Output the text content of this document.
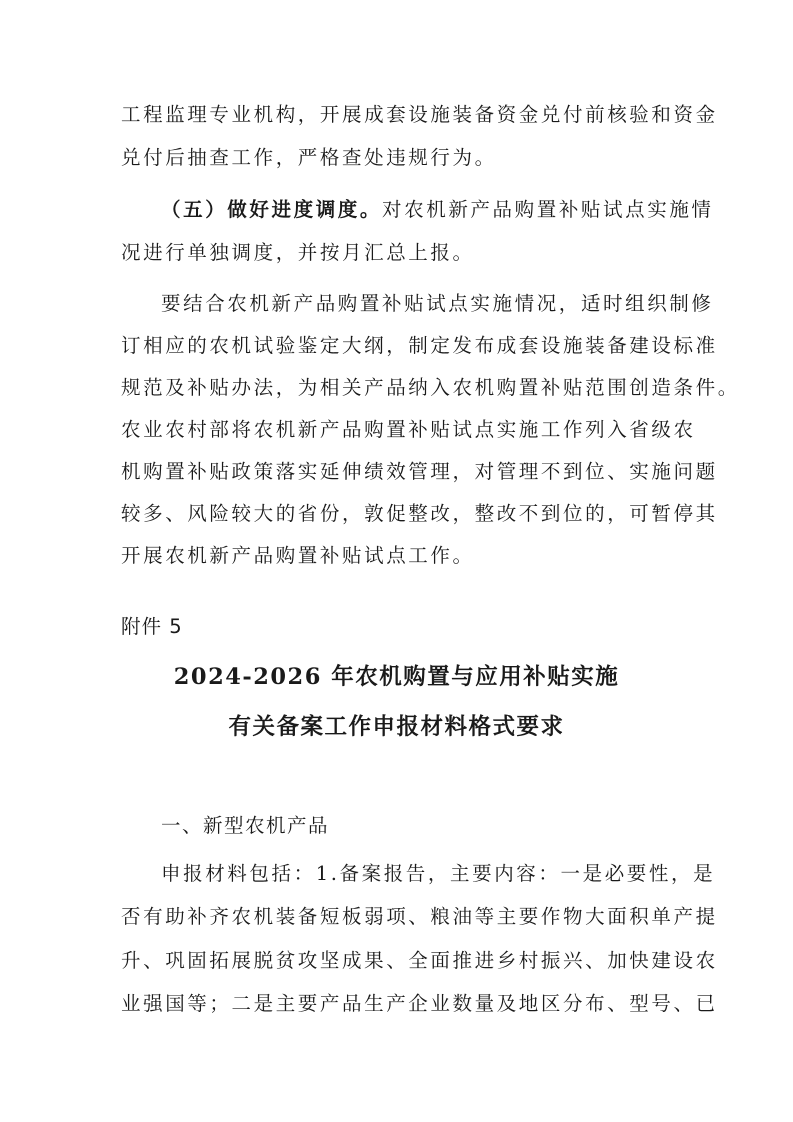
工程监理专业机构，开展成套设施装备资金兑付前核验和资金
兑付后抽查工作，严格查处违规行为。
（五）做好进度调度。对农机新产品购置补贴试点实施情
况进行单独调度，并按月汇总上报。
要结合农机新产品购置补贴试点实施情况，适时组织制修
订相应的农机试验鉴定大纲，制定发布成套设施装备建设标准
规范及补贴办法，为相关产品纳入农机购置补贴范围创造条件。
农业农村部将农机新产品购置补贴试点实施工作列入省级农
机购置补贴政策落实延伸绩效管理，对管理不到位、实施问题
较多、风险较大的省份，敦促整改，整改不到位的，可暂停其
开展农机新产品购置补贴试点工作。
附件 5
2024-2026 年农机购置与应用补贴实施
有关备案工作申报材料格式要求
一、新型农机产品
申报材料包括：1.备案报告，主要内容：一是必要性，是
否有助补齐农机装备短板弱项、粮油等主要作物大面积单产提
升、巩固拓展脱贫攻坚成果、全面推进乡村振兴、加快建设农
业强国等；二是主要产品生产企业数量及地区分布、型号、已
